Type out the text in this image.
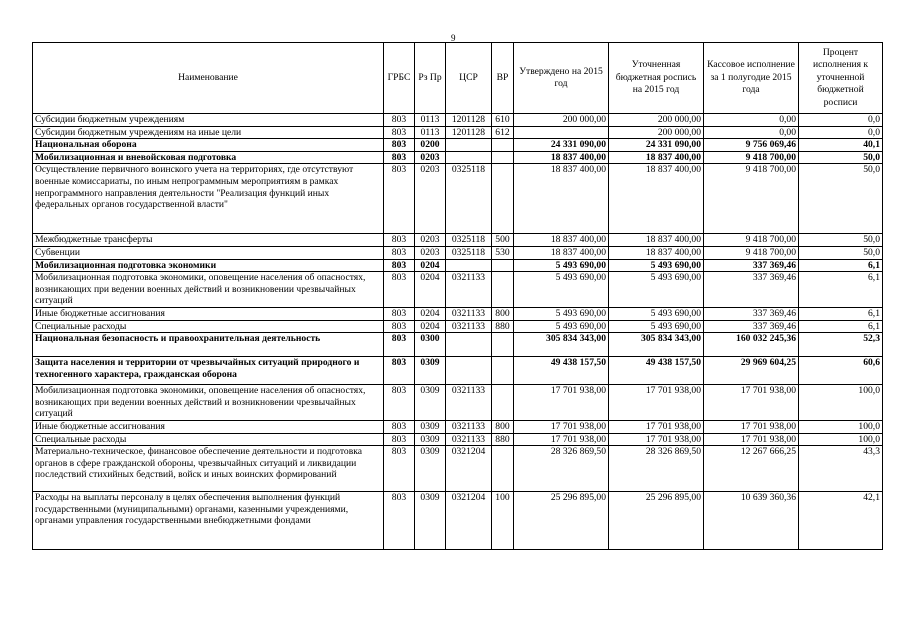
9
Наименование	ГРБС	Рз Пр	ЦСР	ВР	Утверждено на 2015 год	Уточненная бюджетная роспись на 2015 год	Кассовое исполнение за 1 полугодие 2015 года	Процент исполнения к уточненной бюджетной росписи
Субсидии бюджетным учреждениям	803	0113	1201128	610	200 000,00	200 000,00	0,00	0,0
Субсидии бюджетным учреждениям на иные цели	803	0113	1201128	612		200 000,00	0,00	0,0
Национальная оборона	803	0200			24 331 090,00	24 331 090,00	9 756 069,46	40,1
Мобилизационная и вневойсковая подготовка	803	0203			18 837 400,00	18 837 400,00	9 418 700,00	50,0
Осуществление первичного воинского учета на территориях, где отсутствуют военные комиссариаты, по иным непрограммным мероприятиям в рамках непрограммного направления деятельности "Реализация функций иных федеральных органов государственной власти"	803	0203	0325118		18 837 400,00	18 837 400,00	9 418 700,00	50,0
Межбюджетные трансферты	803	0203	0325118	500	18 837 400,00	18 837 400,00	9 418 700,00	50,0
Субвенции	803	0203	0325118	530	18 837 400,00	18 837 400,00	9 418 700,00	50,0
Мобилизационная подготовка экономики	803	0204			5 493 690,00	5 493 690,00	337 369,46	6,1
Мобилизационная подготовка экономики, оповещение населения об опасностях, возникающих при ведении военных действий и возникновении чрезвычайных ситуаций	803	0204	0321133		5 493 690,00	5 493 690,00	337 369,46	6,1
Иные бюджетные ассигнования	803	0204	0321133	800	5 493 690,00	5 493 690,00	337 369,46	6,1
Специальные расходы	803	0204	0321133	880	5 493 690,00	5 493 690,00	337 369,46	6,1
Национальная безопасность и правоохранительная деятельность	803	0300			305 834 343,00	305 834 343,00	160 032 245,36	52,3
Защита населения и территории от чрезвычайных ситуаций природного и техногенного характера, гражданская оборона	803	0309			49 438 157,50	49 438 157,50	29 969 604,25	60,6
Мобилизационная подготовка экономики, оповещение населения об опасностях, возникающих при ведении военных действий и возникновении чрезвычайных ситуаций	803	0309	0321133		17 701 938,00	17 701 938,00	17 701 938,00	100,0
Иные бюджетные ассигнования	803	0309	0321133	800	17 701 938,00	17 701 938,00	17 701 938,00	100,0
Специальные расходы	803	0309	0321133	880	17 701 938,00	17 701 938,00	17 701 938,00	100,0
Материально-техническое, финансовое обеспечение деятельности и подготовка органов в сфере гражданской обороны, чрезвычайных ситуаций и ликвидации последствий стихийных бедствий, войск и иных воинских формирований	803	0309	0321204		28 326 869,50	28 326 869,50	12 267 666,25	43,3
Расходы на выплаты персоналу в целях обеспечения выполнения функций государственными (муниципальными) органами, казенными учреждениями, органами управления государственными внебюджетными фондами	803	0309	0321204	100	25 296 895,00	25 296 895,00	10 639 360,36	42,1
